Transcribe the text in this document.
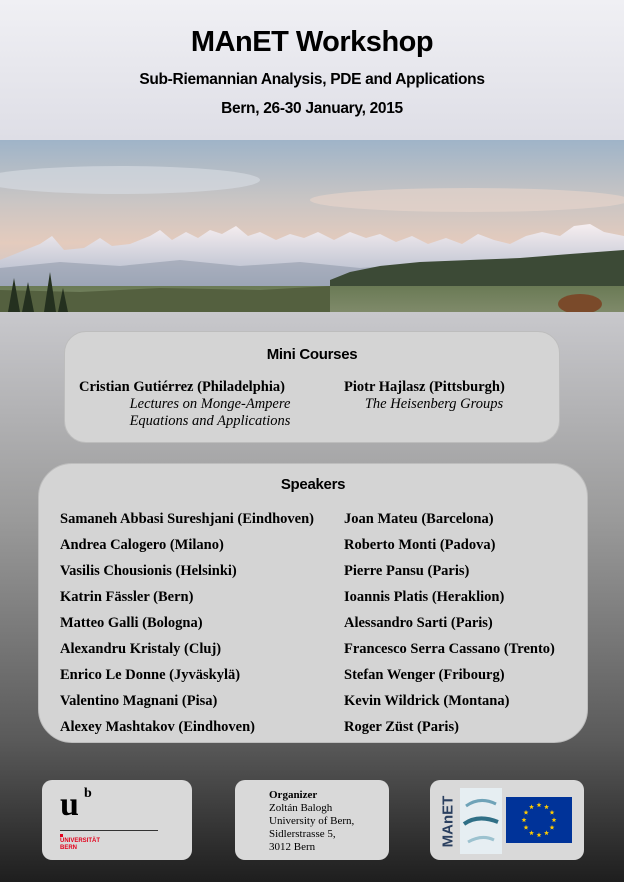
MAnET Workshop
Sub-Riemannian Analysis, PDE and Applications
Bern, 26-30 January, 2015
Mini Courses
Cristian Gutiérrez (Philadelphia)
Lectures on Monge-Ampere
Equations and Applications
Piotr Hajlasz (Pittsburgh)
The Heisenberg Groups
Speakers
Samaneh Abbasi Sureshjani (Eindhoven)
Andrea Calogero (Milano)
Vasilis Chousionis (Helsinki)
Katrin Fässler (Bern)
Matteo Galli (Bologna)
Alexandru Kristaly (Cluj)
Enrico Le Donne (Jyväskylä)
Valentino Magnani (Pisa)
Alexey Mashtakov (Eindhoven)
Joan Mateu (Barcelona)
Roberto Monti (Padova)
Pierre Pansu (Paris)
Ioannis Platis (Heraklion)
Alessandro Sarti (Paris)
Francesco Serra Cassano (Trento)
Stefan Wenger (Fribourg)
Kevin Wildrick (Montana)
Roger Züst (Paris)
u b
UNIVERSITÄT
BERN
Organizer
Zoltán Balogh
University of Bern,
Sidlerstrasse 5,
3012 Bern	MAnET
